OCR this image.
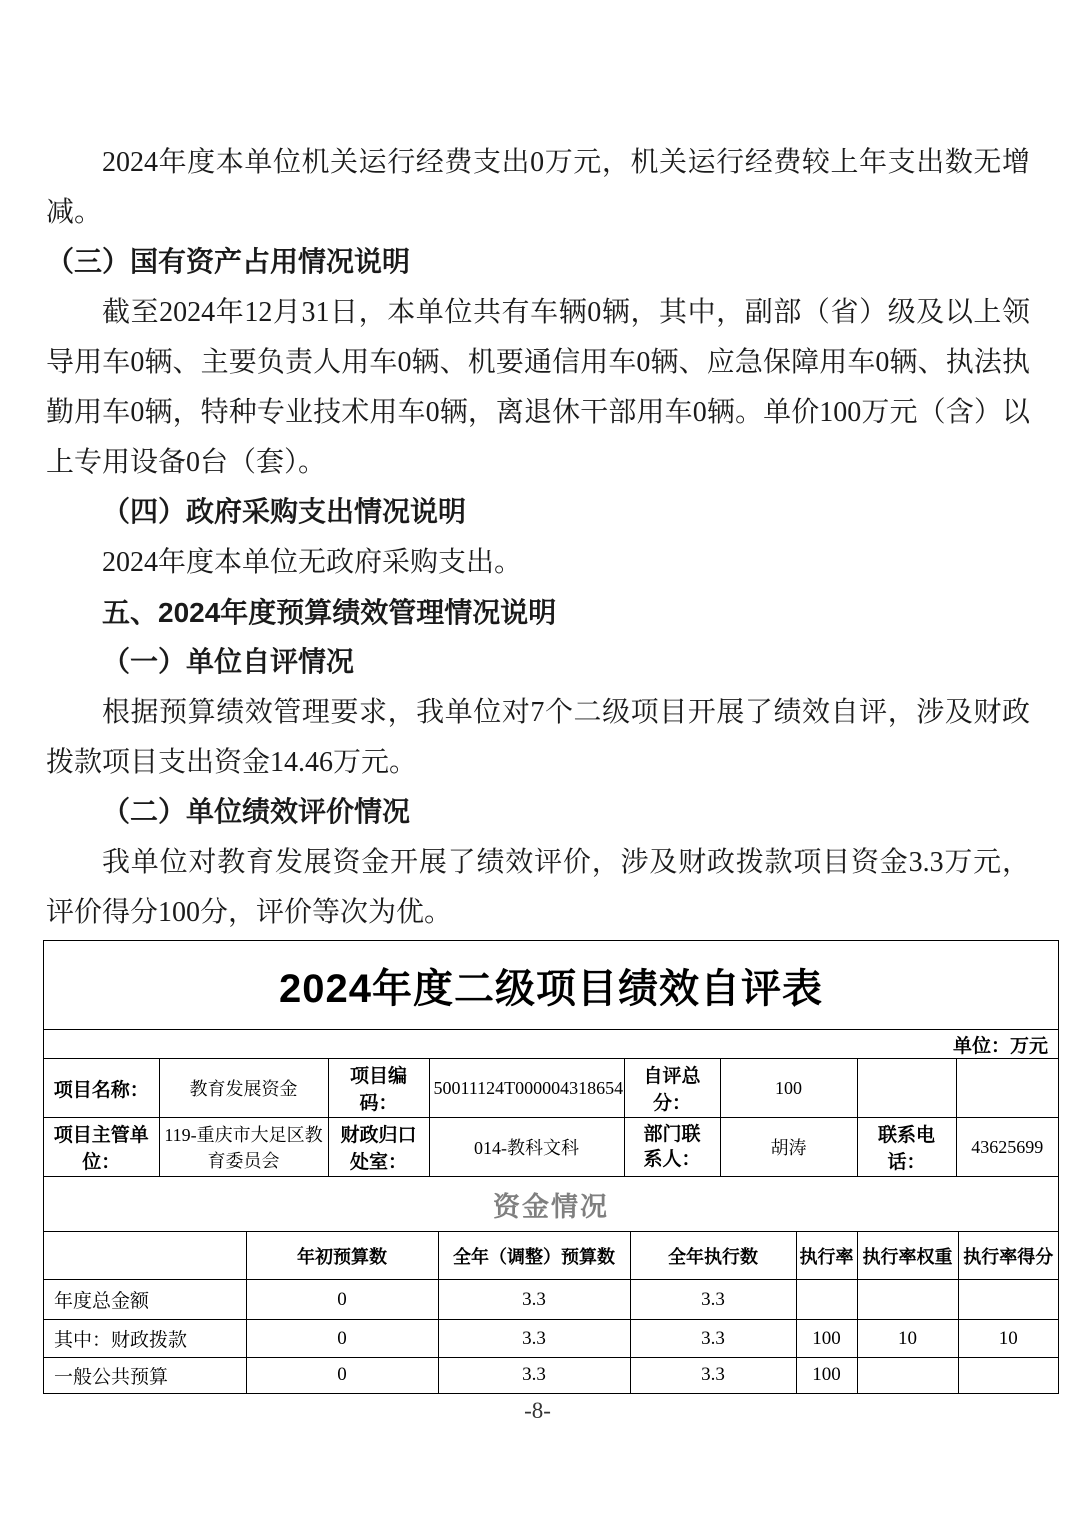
2024年度本单位机关运行经费支出0万元，机关运行经费较上年支出数无增减。

（三）国有资产占用情况说明

截至2024年12月31日，本单位共有车辆0辆，其中，副部（省）级及以上领导用车0辆、主要负责人用车0辆、机要通信用车0辆、应急保障用车0辆、执法执勤用车0辆，特种专业技术用车0辆，离退休干部用车0辆。单价100万元（含）以上专用设备0台（套）。

（四）政府采购支出情况说明

2024年度本单位无政府采购支出。

五、2024年度预算绩效管理情况说明

（一）单位自评情况

根据预算绩效管理要求，我单位对7个二级项目开展了绩效自评，涉及财政拨款项目支出资金14.46万元。

（二）单位绩效评价情况

我单位对教育发展资金开展了绩效评价，涉及财政拨款项目资金3.3万元，评价得分100分，评价等次为优。

2024年度二级项目绩效自评表
单位：万元
项目名称：	教育发展资金	项目编码：	50011124T000004318654	自评总分：	100		
项目主管单位：	119-重庆市大足区教育委员会	财政归口处室：	014-教科文科	部门联系人：	胡涛	联系电话：	43625699
资金情况
	年初预算数	全年（调整）预算数	全年执行数	执行率	执行率权重	执行率得分
年度总金额	0	3.3	3.3			
其中：财政拨款	0	3.3	3.3	100	10	10
一般公共预算	0	3.3	3.3	100		
-8-
